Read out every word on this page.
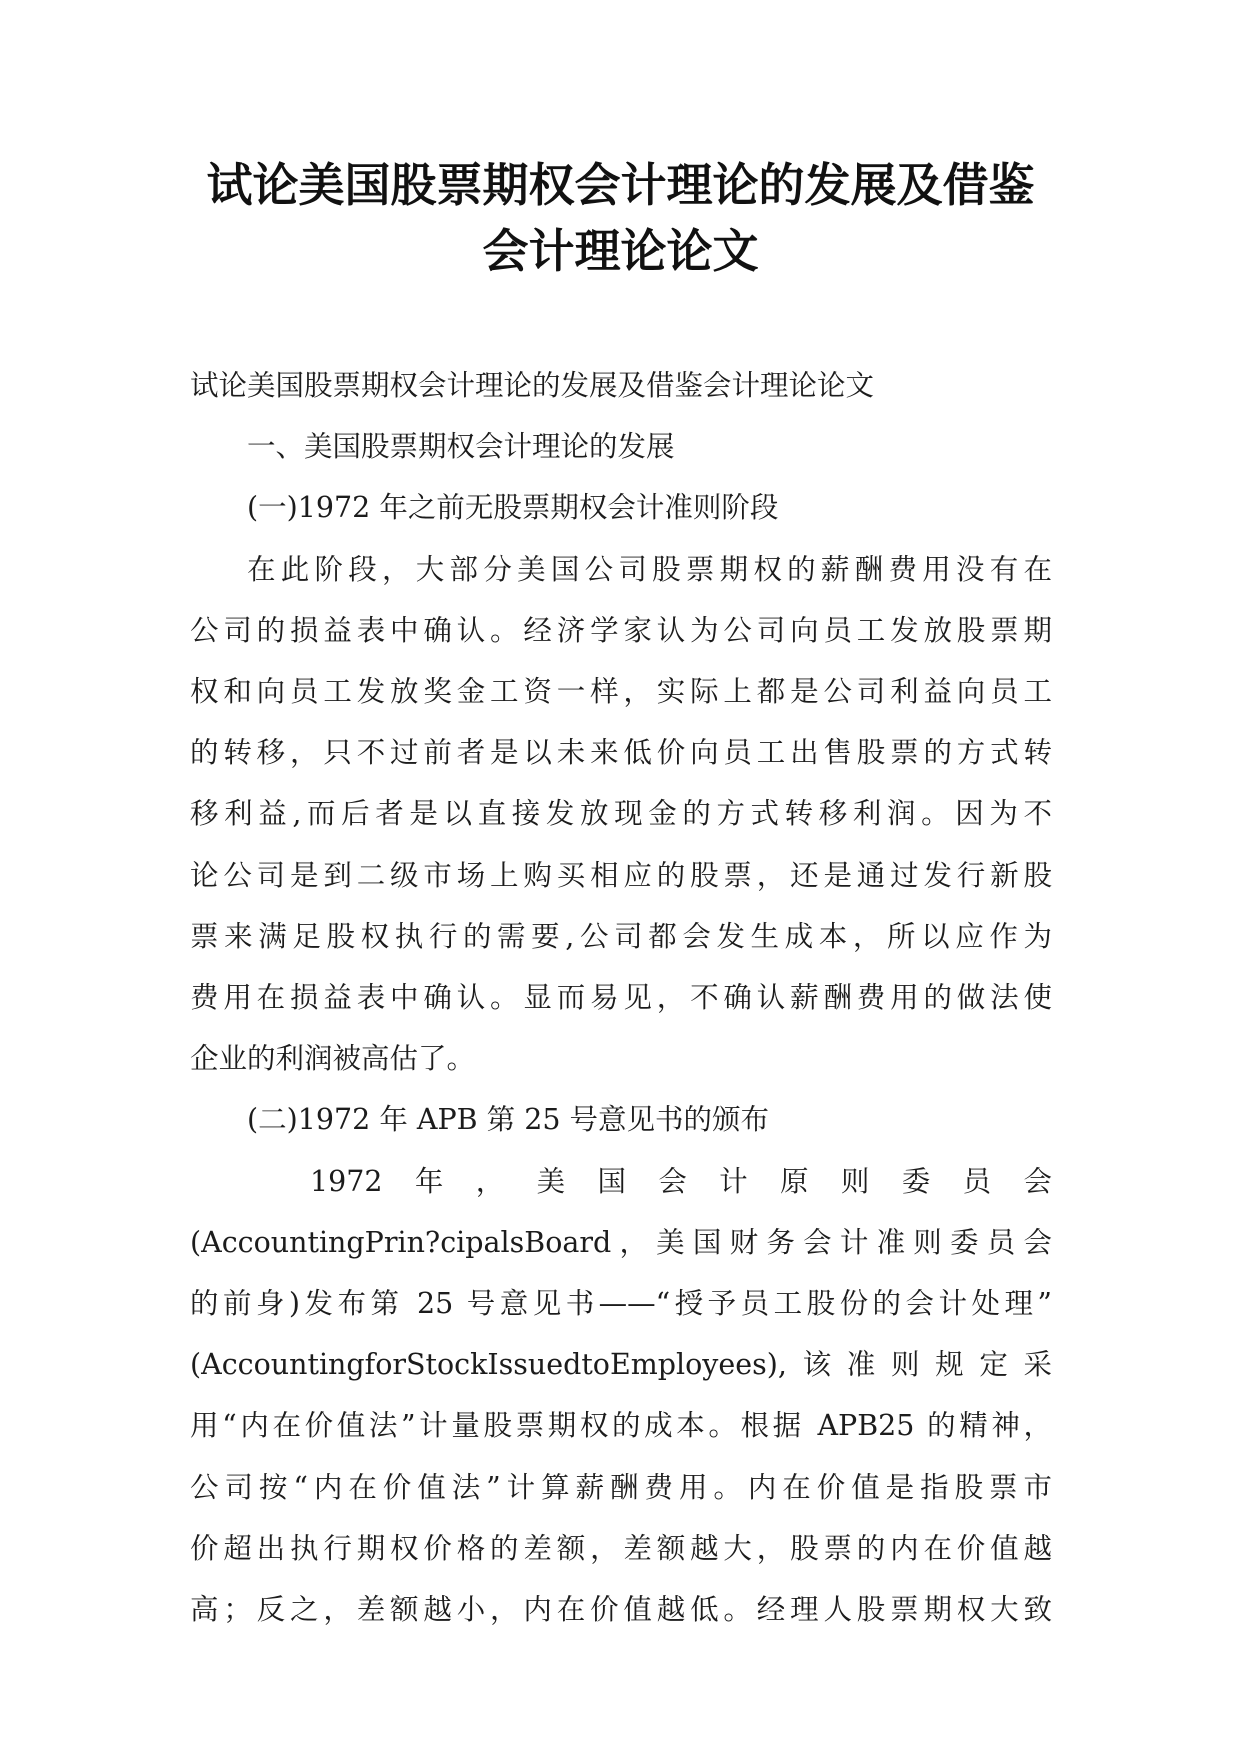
试论美国股票期权会计理论的发展及借鉴
会计理论论文

试论美国股票期权会计理论的发展及借鉴会计理论论文

一、美国股票期权会计理论的发展

(一)1972 年之前无股票期权会计准则阶段

在此阶段，大部分美国公司股票期权的薪酬费用没有在
公司的损益表中确认。经济学家认为公司向员工发放股票期
权和向员工发放奖金工资一样，实际上都是公司利益向员工
的转移，只不过前者是以未来低价向员工出售股票的方式转
移利益,而后者是以直接发放现金的方式转移利润。因为不
论公司是到二级市场上购买相应的股票，还是通过发行新股
票来满足股权执行的需要,公司都会发生成本，所以应作为
费用在损益表中确认。显而易见，不确认薪酬费用的做法使
企业的利润被高估了。

(二)1972 年 APB 第 25 号意见书的颁布

1972 年 ， 美 国 会 计 原 则 委 员 会
(AccountingPrin?cipalsBoard，美国财务会计准则委员会
的前身)发布第 25 号意见书——“授予员工股份的会计处理”
(AccountingforStockIssuedtoEmployees),该准则规定采
用“内在价值法”计量股票期权的成本。根据 APB25 的精神，
公司按“内在价值法”计算薪酬费用。内在价值是指股票市
价超出执行期权价格的差额，差额越大，股票的内在价值越
高；反之，差额越小，内在价值越低。经理人股票期权大致
